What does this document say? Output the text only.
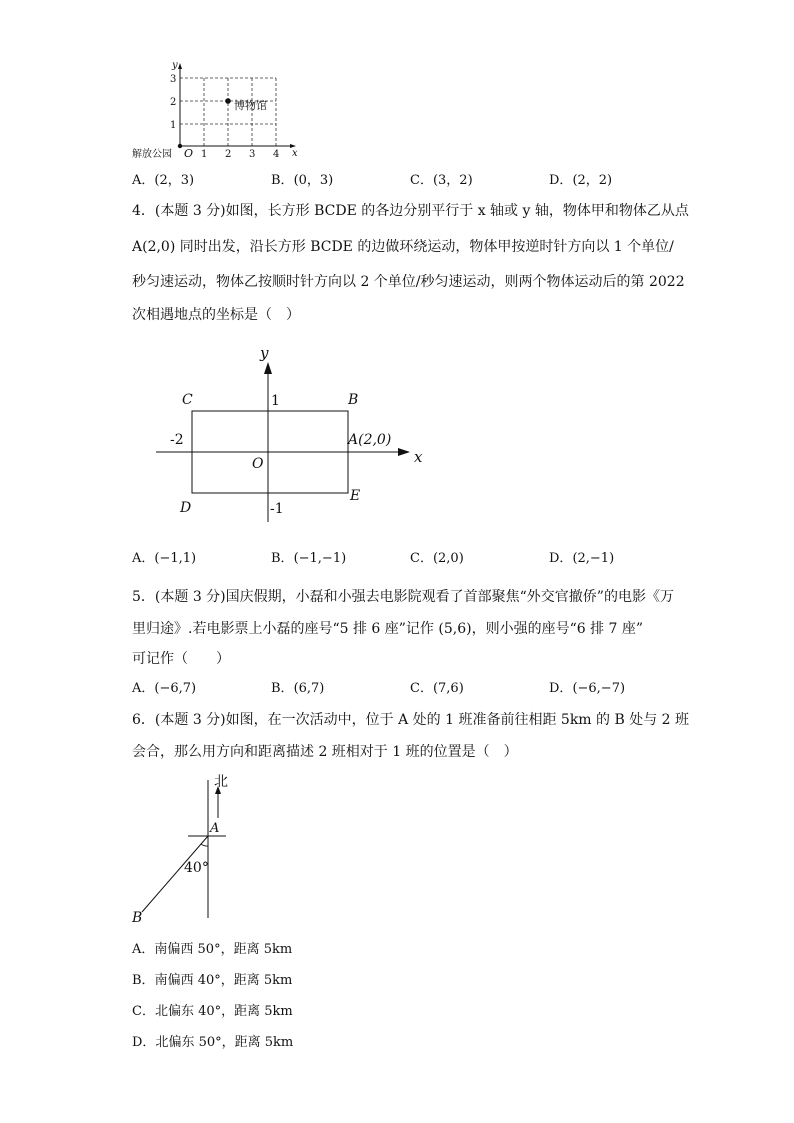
y
x
O 1 2 3 4
1
2
3
博物馆
解放公园
A．(2，3)	B．(0，3)	C．(3，2)	D．(2，2)
4．(本题 3 分)如图，长方形 BCDE 的各边分别平行于 x 轴或 y 轴，物体甲和物体乙从点
A(2,0) 同时出发，沿长方形 BCDE 的边做环绕运动，物体甲按逆时针方向以 1 个单位/
秒匀速运动，物体乙按顺时针方向以 2 个单位/秒匀速运动，则两个物体运动后的第 2022
次相遇地点的坐标是（　）
y
x
O
C	B
D
E
A(2,0)
1
-1
-2
A．(−1,1)	B．(−1,−1)	C．(2,0)	D．(2,−1)
5．(本题 3 分)国庆假期，小磊和小强去电影院观看了首部聚焦“外交官撤侨”的电影《万
里归途》.若电影票上小磊的座号“5 排 6 座”记作 (5,6)，则小强的座号“6 排 7 座”
可记作（　　）
A．(−6,7)	B．(6,7)	C．(7,6)	D．(−6,−7)
6．(本题 3 分)如图，在一次活动中，位于 A 处的 1 班准备前往相距 5km 的 B 处与 2 班
会合，那么用方向和距离描述 2 班相对于 1 班的位置是（　）
北
A
40°
B
A．南偏西 50°，距离 5km
B．南偏西 40°，距离 5km
C．北偏东 40°，距离 5km
D．北偏东 50°，距离 5km
